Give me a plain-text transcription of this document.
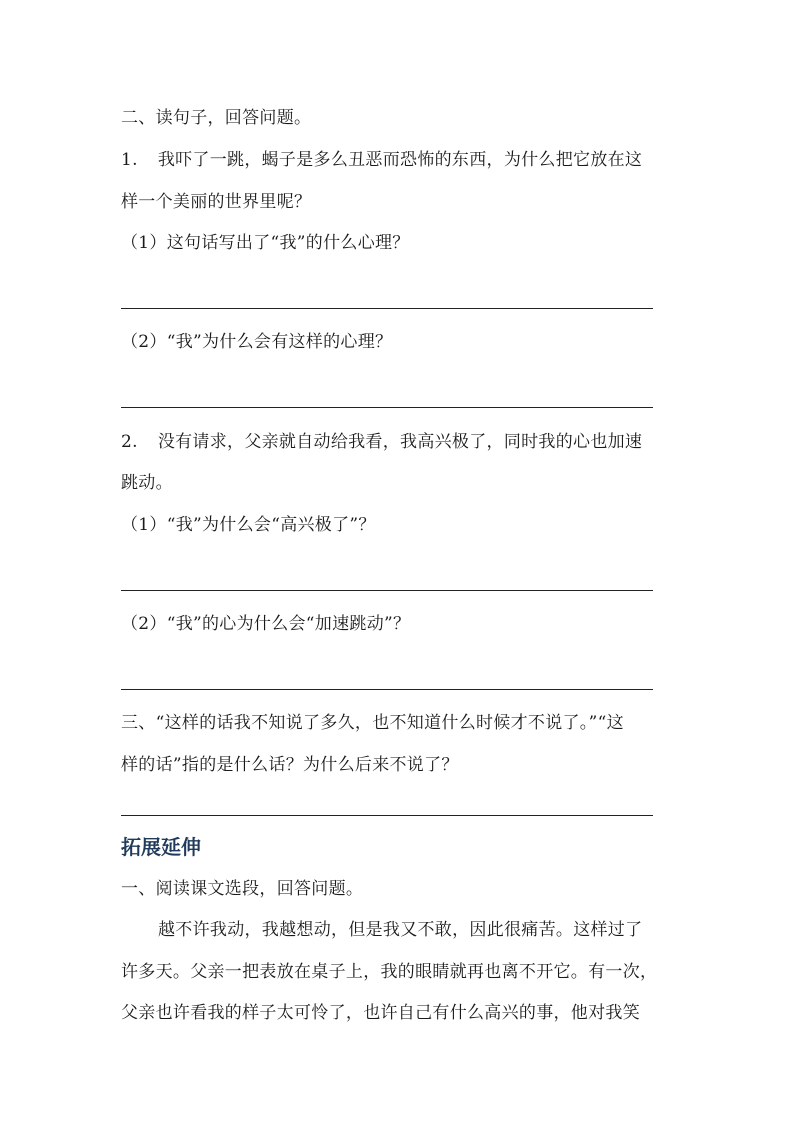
二、读句子，回答问题。
1. 我吓了一跳，蝎子是多么丑恶而恐怖的东西，为什么把它放在这
样一个美丽的世界里呢？
（1）这句话写出了“我”的什么心理？
（2）“我”为什么会有这样的心理？
2. 没有请求，父亲就自动给我看，我高兴极了，同时我的心也加速
跳动。
（1）“我”为什么会“高兴极了”？
（2）“我”的心为什么会“加速跳动”？
三、“这样的话我不知说了多久，也不知道什么时候才不说了。”“这
样的话”指的是什么话？为什么后来不说了？
拓展延伸
一、阅读课文选段，回答问题。
越不许我动，我越想动，但是我又不敢，因此很痛苦。这样过了
许多天。父亲一把表放在桌子上，我的眼睛就再也离不开它。有一次，
父亲也许看我的样子太可怜了，也许自己有什么高兴的事，他对我笑
